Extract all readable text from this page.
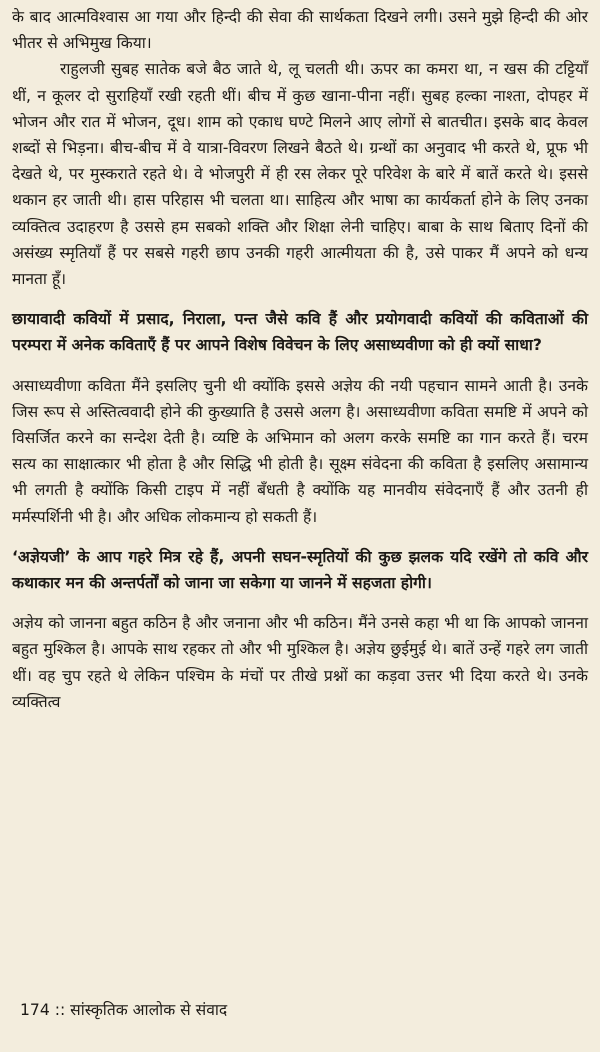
के बाद आत्मविश्वास आ गया और हिन्दी की सेवा की सार्थकता दिखने लगी। उसने मुझे हिन्दी की ओर भीतर से अभिमुख किया।

राहुलजी सुबह सातेक बजे बैठ जाते थे, लू चलती थी। ऊपर का कमरा था, न खस की टट्टियाँ थीं, न कूलर दो सुराहियाँ रखी रहती थीं। बीच में कुछ खाना-पीना नहीं। सुबह हल्का नाश्ता, दोपहर में भोजन और रात में भोजन, दूध। शाम को एकाध घण्टे मिलने आए लोगों से बातचीत। इसके बाद केवल शब्दों से भिड़ना। बीच-बीच में वे यात्रा-विवरण लिखने बैठते थे। ग्रन्थों का अनुवाद भी करते थे, प्रूफ भी देखते थे, पर मुस्कराते रहते थे। वे भोजपुरी में ही रस लेकर पूरे परिवेश के बारे में बातें करते थे। इससे थकान हर जाती थी। हास परिहास भी चलता था। साहित्य और भाषा का कार्यकर्ता होने के लिए उनका व्यक्तित्व उदाहरण है उससे हम सबको शक्ति और शिक्षा लेनी चाहिए। बाबा के साथ बिताए दिनों की असंख्य स्मृतियाँ हैं पर सबसे गहरी छाप उनकी गहरी आत्मीयता की है, उसे पाकर मैं अपने को धन्य मानता हूँ।

छायावादी कवियों में प्रसाद, निराला, पन्त जैसे कवि हैं और प्रयोगवादी कवियों की कविताओं की परम्परा में अनेक कविताएँ हैं पर आपने विशेष विवेचन के लिए असाध्यवीणा को ही क्यों साधा?

असाध्यवीणा कविता मैंने इसलिए चुनी थी क्योंकि इससे अज्ञेय की नयी पहचान सामने आती है। उनके जिस रूप से अस्तित्ववादी होने की कुख्याति है उससे अलग है। असाध्यवीणा कविता समष्टि में अपने को विसर्जित करने का सन्देश देती है। व्यष्टि के अभिमान को अलग करके समष्टि का गान करते हैं। चरम सत्य का साक्षात्कार भी होता है और सिद्धि भी होती है। सूक्ष्म संवेदना की कविता है इसलिए असामान्य भी लगती है क्योंकि किसी टाइप में नहीं बँधती है क्योंकि यह मानवीय संवेदनाएँ हैं और उतनी ही मर्मस्पर्शिनी भी है। और अधिक लोकमान्य हो सकती हैं।

‘अज्ञेयजी’ के आप गहरे मित्र रहे हैं, अपनी सघन-स्मृतियों की कुछ झलक यदि रखेंगे तो कवि और कथाकार मन की अन्तर्पर्तों को जाना जा सकेगा या जानने में सहजता होगी।

अज्ञेय को जानना बहुत कठिन है और जनाना और भी कठिन। मैंने उनसे कहा भी था कि आपको जानना बहुत मुश्किल है। आपके साथ रहकर तो और भी मुश्किल है। अज्ञेय छुईमुई थे। बातें उन्हें गहरे लग जाती थीं। वह चुप रहते थे लेकिन पश्चिम के मंचों पर तीखे प्रश्नों का कड़वा उत्तर भी दिया करते थे। उनके व्यक्तित्व

174 :: सांस्कृतिक आलोक से संवाद
